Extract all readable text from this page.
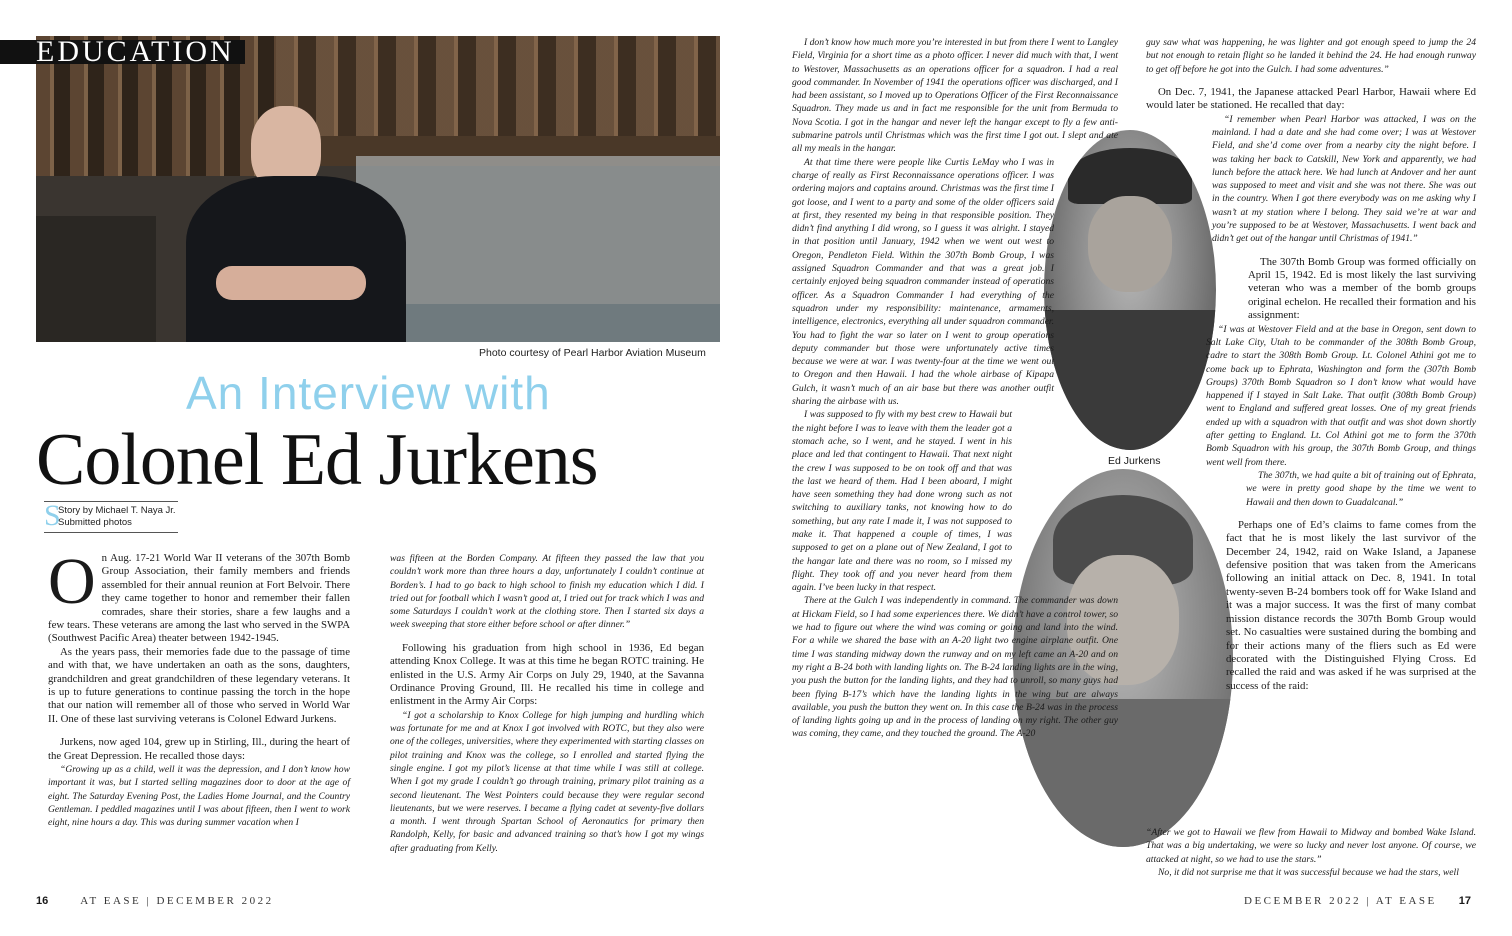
EDUCATION
Photo courtesy of Pearl Harbor Aviation Museum
An Interview with
Colonel Ed Jurkens
S
Story by Michael T. Naya Jr.
Submitted photos
On Aug. 17-21 World War II veterans of the 307th Bomb Group Association, their family members and friends assembled for their annual reunion at Fort Belvoir. There they came together to honor and remember their fallen comrades, share their stories, share a few laughs and a few tears. These veterans are among the last who served in the SWPA (Southwest Pacific Area) theater between 1942-1945.
As the years pass, their memories fade due to the passage of time and with that, we have undertaken an oath as the sons, daughters, grandchildren and great grandchildren of these legendary veterans. It is up to future generations to continue passing the torch in the hope that our nation will remember all of those who served in World War II. One of these last surviving veterans is Colonel Edward Jurkens.
Jurkens, now aged 104, grew up in Stirling, Ill., during the heart of the Great Depression. He recalled those days:
“Growing up as a child, well it was the depression, and I don’t know how important it was, but I started selling magazines door to door at the age of eight. The Saturday Evening Post, the Ladies Home Journal, and the Country Gentleman. I peddled magazines until I was about fifteen, then I went to work eight, nine hours a day. This was during summer vacation when I
was fifteen at the Borden Company. At fifteen they passed the law that you couldn’t work more than three hours a day, unfortunately I couldn’t continue at Borden’s. I had to go back to high school to finish my education which I did. I tried out for football which I wasn’t good at, I tried out for track which I was and some Saturdays I couldn’t work at the clothing store. Then I started six days a week sweeping that store either before school or after dinner.”
Following his graduation from high school in 1936, Ed began attending Knox College. It was at this time he began ROTC training. He enlisted in the U.S. Army Air Corps on July 29, 1940, at the Savanna Ordinance Proving Ground, Ill. He recalled his time in college and enlistment in the Army Air Corps:
“I got a scholarship to Knox College for high jumping and hurdling which was fortunate for me and at Knox I got involved with ROTC, but they also were one of the colleges, universities, where they experimented with starting classes on pilot training and Knox was the college, so I enrolled and started flying the single engine. I got my pilot’s license at that time while I was still at college. When I got my grade I couldn’t go through training, primary pilot training as a second lieutenant. The West Pointers could because they were regular second lieutenants, but we were reserves. I became a flying cadet at seventy-five dollars a month. I went through Spartan School of Aeronautics for primary then Randolph, Kelly, for basic and advanced training so that’s how I got my wings after graduating from Kelly.
16	AT EASE | DECEMBER 2022
Ed Jurkens
I don’t know how much more you’re interested in but from there I went to Langley Field, Virginia for a short time as a photo officer. I never did much with that, I went to Westover, Massachusetts as an operations officer for a squadron. I had a real good commander. In November of 1941 the operations officer was discharged, and I had been assistant, so I moved up to Operations Officer of the First Reconnaissance Squadron. They made us and in fact me responsible for the unit from Bermuda to Nova Scotia. I got in the hangar and never left the hangar except to fly a few anti-submarine patrols until Christmas which was the first time I got out. I slept and ate all my meals in the hangar.
At that time there were people like Curtis LeMay who I was in charge of really as First Reconnaissance operations officer. I was ordering majors and captains around. Christmas was the first time I got loose, and I went to a party and some of the older officers said at first, they resented my being in that responsible position. They didn’t find anything I did wrong, so I guess it was alright. I stayed in that position until January, 1942 when we went out west to Oregon, Pendleton Field. Within the 307th Bomb Group, I was assigned Squadron Commander and that was a great job. I certainly enjoyed being squadron commander instead of operations officer. As a Squadron Commander I had everything of the squadron under my responsibility: maintenance, armaments, intelligence, electronics, everything all under squadron commander. You had to fight the war so later on I went to group operations deputy commander but those were unfortunately active times because we were at war. I was twenty-four at the time we went out to Oregon and then Hawaii. I had the whole airbase of Kipapa Gulch, it wasn’t much of an air base but there was another outfit sharing the airbase with us.
I was supposed to fly with my best crew to Hawaii but the night before I was to leave with them the leader got a stomach ache, so I went, and he stayed. I went in his place and led that contingent to Hawaii. That next night the crew I was supposed to be on took off and that was the last we heard of them. Had I been aboard, I might have seen something they had done wrong such as not switching to auxiliary tanks, not knowing how to do something, but any rate I made it, I was not supposed to make it. That happened a couple of times, I was supposed to get on a plane out of New Zealand, I got to the hangar late and there was no room, so I missed my flight. They took off and you never heard from them again. I’ve been lucky in that respect.
There at the Gulch I was independently in command. The commander was down at Hickam Field, so I had some experiences there. We didn’t have a control tower, so we had to figure out where the wind was coming or going and land into the wind. For a while we shared the base with an A-20 light two engine airplane outfit. One time I was standing midway down the runway and on my left came an A-20 and on my right a B-24 both with landing lights on. The B-24 landing lights are in the wing, you push the button for the landing lights, and they had to unroll, so many guys had been flying B-17’s which have the landing lights in the wing but are always available, you push the button they went on. In this case the B-24 was in the process of landing lights going up and in the process of landing on my right. The other guy was coming, they came, and they touched the ground. The A-20
guy saw what was happening, he was lighter and got enough speed to jump the 24 but not enough to retain flight so he landed it behind the 24. He had enough runway to get off before he got into the Gulch. I had some adventures.”
On Dec. 7, 1941, the Japanese attacked Pearl Harbor, Hawaii where Ed would later be stationed. He recalled that day:
“I remember when Pearl Harbor was attacked, I was on the mainland. I had a date and she had come over; I was at Westover Field, and she’d come over from a nearby city the night before. I was taking her back to Catskill, New York and apparently, we had lunch before the attack here. We had lunch at Andover and her aunt was supposed to meet and visit and she was not there. She was out in the country. When I got there everybody was on me asking why I wasn’t at my station where I belong. They said we’re at war and you’re supposed to be at Westover, Massachusetts. I went back and didn’t get out of the hangar until Christmas of 1941.”
The 307th Bomb Group was formed officially on April 15, 1942. Ed is most likely the last surviving veteran who was a member of the bomb groups original echelon. He recalled their formation and his assignment:
“I was at Westover Field and at the base in Oregon, sent down to Salt Lake City, Utah to be commander of the 308th Bomb Group, cadre to start the 308th Bomb Group. Lt. Colonel Athini got me to come back up to Ephrata, Washington and form the (307th Bomb Groups) 370th Bomb Squadron so I don’t know what would have happened if I stayed in Salt Lake. That outfit (308th Bomb Group) went to England and suffered great losses. One of my great friends ended up with a squadron with that outfit and was shot down shortly after getting to England. Lt. Col Athini got me to form the 370th Bomb Squadron with his group, the 307th Bomb Group, and things went well from there.
The 307th, we had quite a bit of training out of Ephrata, we were in pretty good shape by the time we went to Hawaii and then down to Guadalcanal.”
Perhaps one of Ed’s claims to fame comes from the fact that he is most likely the last survivor of the December 24, 1942, raid on Wake Island, a Japanese defensive position that was taken from the Americans following an initial attack on Dec. 8, 1941. In total twenty-seven B-24 bombers took off for Wake Island and it was a major success. It was the first of many combat mission distance records the 307th Bomb Group would set. No casualties were sustained during the bombing and for their actions many of the fliers such as Ed were decorated with the Distinguished Flying Cross. Ed recalled the raid and was asked if he was surprised at the success of the raid:
“After we got to Hawaii we flew from Hawaii to Midway and bombed Wake Island. That was a big undertaking, we were so lucky and never lost anyone. Of course, we attacked at night, so we had to use the stars.”
No, it did not surprise me that it was successful because we had the stars, well
DECEMBER 2022 | AT EASE 17
